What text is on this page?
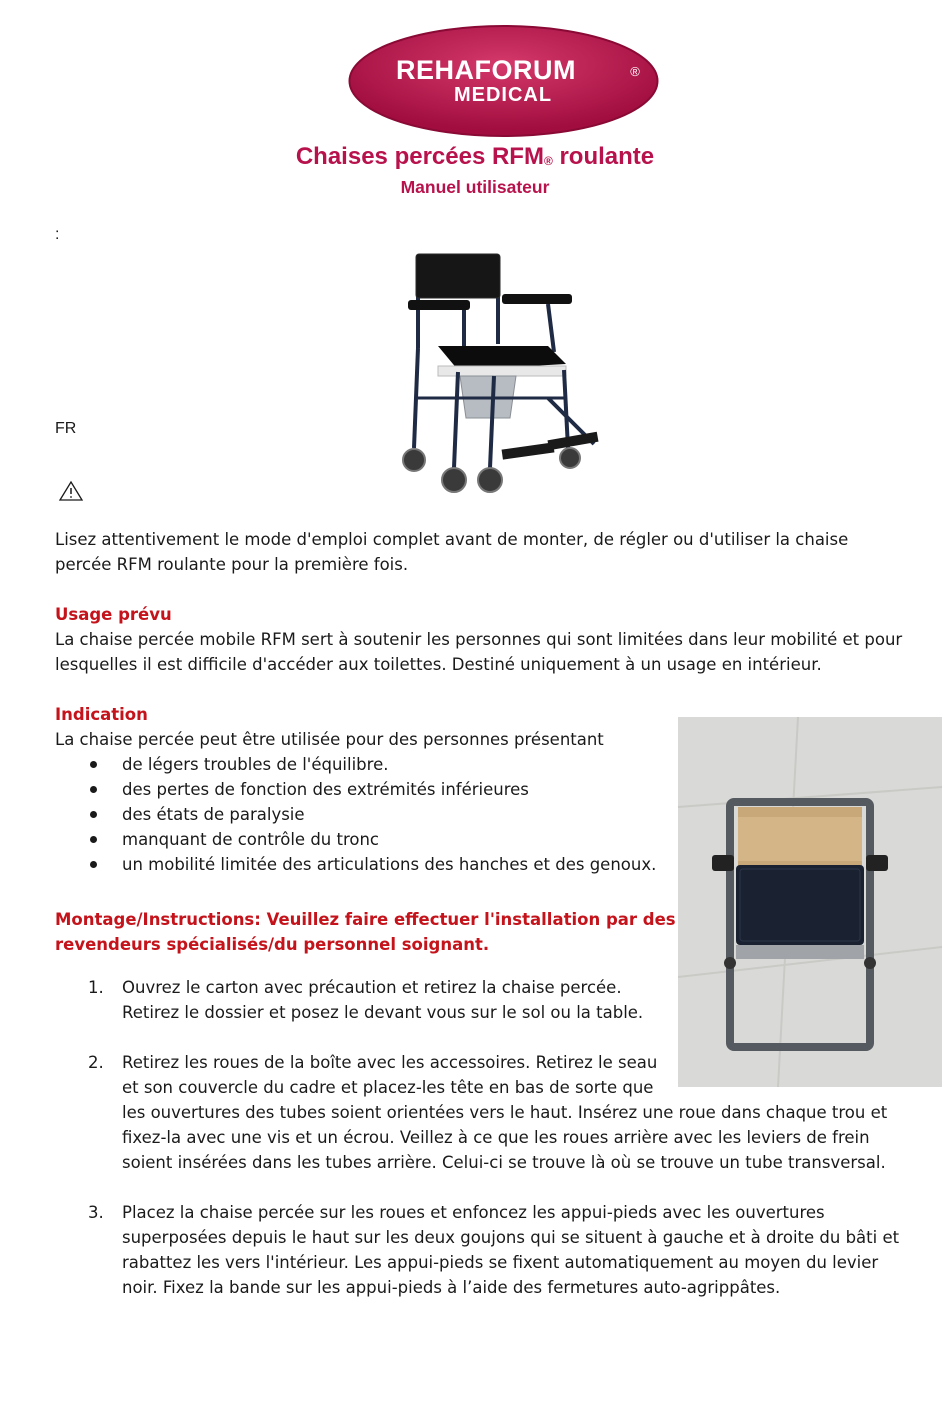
REHAFORUM	®
MEDICAL
Chaises percées RFM® roulante
Manuel utilisateur
:
FR

Lisez attentivement le mode d'emploi complet avant de monter, de régler ou d'utiliser la chaise percée RFM roulante pour la première fois.

Usage prévu

La chaise percée mobile RFM sert à soutenir les personnes qui sont limitées dans leur mobilité et pour lesquelles il est difficile d'accéder aux toilettes. Destiné uniquement à un usage en intérieur.

Indication

La chaise percée peut être utilisée pour des personnes présentant

de légers troubles de l'équilibre.
des pertes de fonction des extrémités inférieures
des états de paralysie
manquant de contrôle du tronc
un mobilité limitée des articulations des hanches et des genoux.

Montage/Instructions: Veuillez faire effectuer l'installation par des

revendeurs spécialisés/du personnel soignant.

1. Ouvrez le carton avec précaution et retirez la chaise percée.
Retirez le dossier et posez le devant vous sur le sol ou la table.
2. Retirez les roues de la boîte avec les accessoires. Retirez le seau
et son couvercle du cadre et placez-les tête en bas de sorte que
les ouvertures des tubes soient orientées vers le haut. Insérez une roue dans chaque trou et
fixez-la avec une vis et un écrou. Veillez à ce que les roues arrière avec les leviers de frein
soient insérées dans les tubes arrière. Celui-ci se trouve là où se trouve un tube transversal.
3. Placez la chaise percée sur les roues et enfoncez les appui-pieds avec les ouvertures
superposées depuis le haut sur les deux goujons qui se situent à gauche et à droite du bâti et
rabattez les vers l'intérieur. Les appui-pieds se fixent automatiquement au moyen du levier
noir. Fixez la bande sur les appui-pieds à l’aide des fermetures auto-agrippâtes.
